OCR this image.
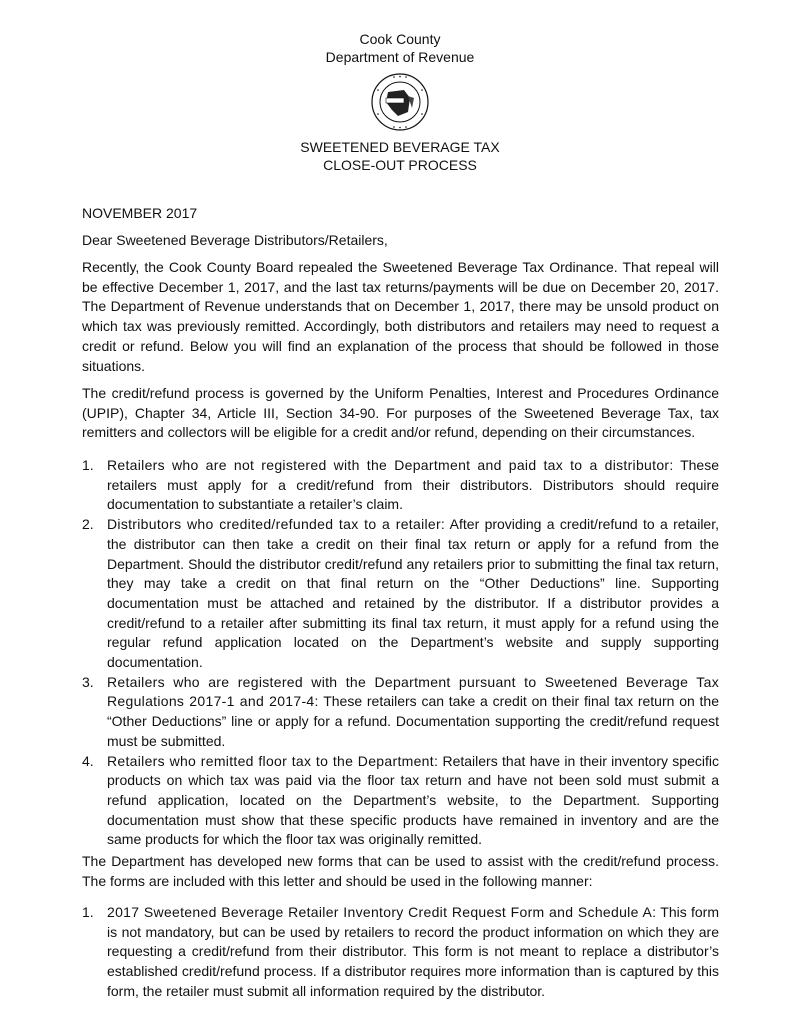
Cook County
Department of Revenue
SWEETENED BEVERAGE TAX
CLOSE-OUT PROCESS
NOVEMBER 2017
Dear Sweetened Beverage Distributors/Retailers,
Recently, the Cook County Board repealed the Sweetened Beverage Tax Ordinance. That repeal will be effective December 1, 2017, and the last tax returns/payments will be due on December 20, 2017. The Department of Revenue understands that on December 1, 2017, there may be unsold product on which tax was previously remitted. Accordingly, both distributors and retailers may need to request a credit or refund. Below you will find an explanation of the process that should be followed in those situations.
The credit/refund process is governed by the Uniform Penalties, Interest and Procedures Ordinance (UPIP), Chapter 34, Article III, Section 34-90. For purposes of the Sweetened Beverage Tax, tax remitters and collectors will be eligible for a credit and/or refund, depending on their circumstances.
1. Retailers who are not registered with the Department and paid tax to a distributor: These retailers must apply for a credit/refund from their distributors. Distributors should require documentation to substantiate a retailer’s claim.
2. Distributors who credited/refunded tax to a retailer: After providing a credit/refund to a retailer, the distributor can then take a credit on their final tax return or apply for a refund from the Department. Should the distributor credit/refund any retailers prior to submitting the final tax return, they may take a credit on that final return on the “Other Deductions” line. Supporting documentation must be attached and retained by the distributor. If a distributor provides a credit/refund to a retailer after submitting its final tax return, it must apply for a refund using the regular refund application located on the Department’s website and supply supporting documentation.
3. Retailers who are registered with the Department pursuant to Sweetened Beverage Tax Regulations 2017-1 and 2017-4: These retailers can take a credit on their final tax return on the “Other Deductions” line or apply for a refund. Documentation supporting the credit/refund request must be submitted.
4. Retailers who remitted floor tax to the Department: Retailers that have in their inventory specific products on which tax was paid via the floor tax return and have not been sold must submit a refund application, located on the Department’s website, to the Department. Supporting documentation must show that these specific products have remained in inventory and are the same products for which the floor tax was originally remitted.
The Department has developed new forms that can be used to assist with the credit/refund process. The forms are included with this letter and should be used in the following manner:
1. 2017 Sweetened Beverage Retailer Inventory Credit Request Form and Schedule A: This form is not mandatory, but can be used by retailers to record the product information on which they are requesting a credit/refund from their distributor. This form is not meant to replace a distributor’s established credit/refund process. If a distributor requires more information than is captured by this form, the retailer must submit all information required by the distributor.
